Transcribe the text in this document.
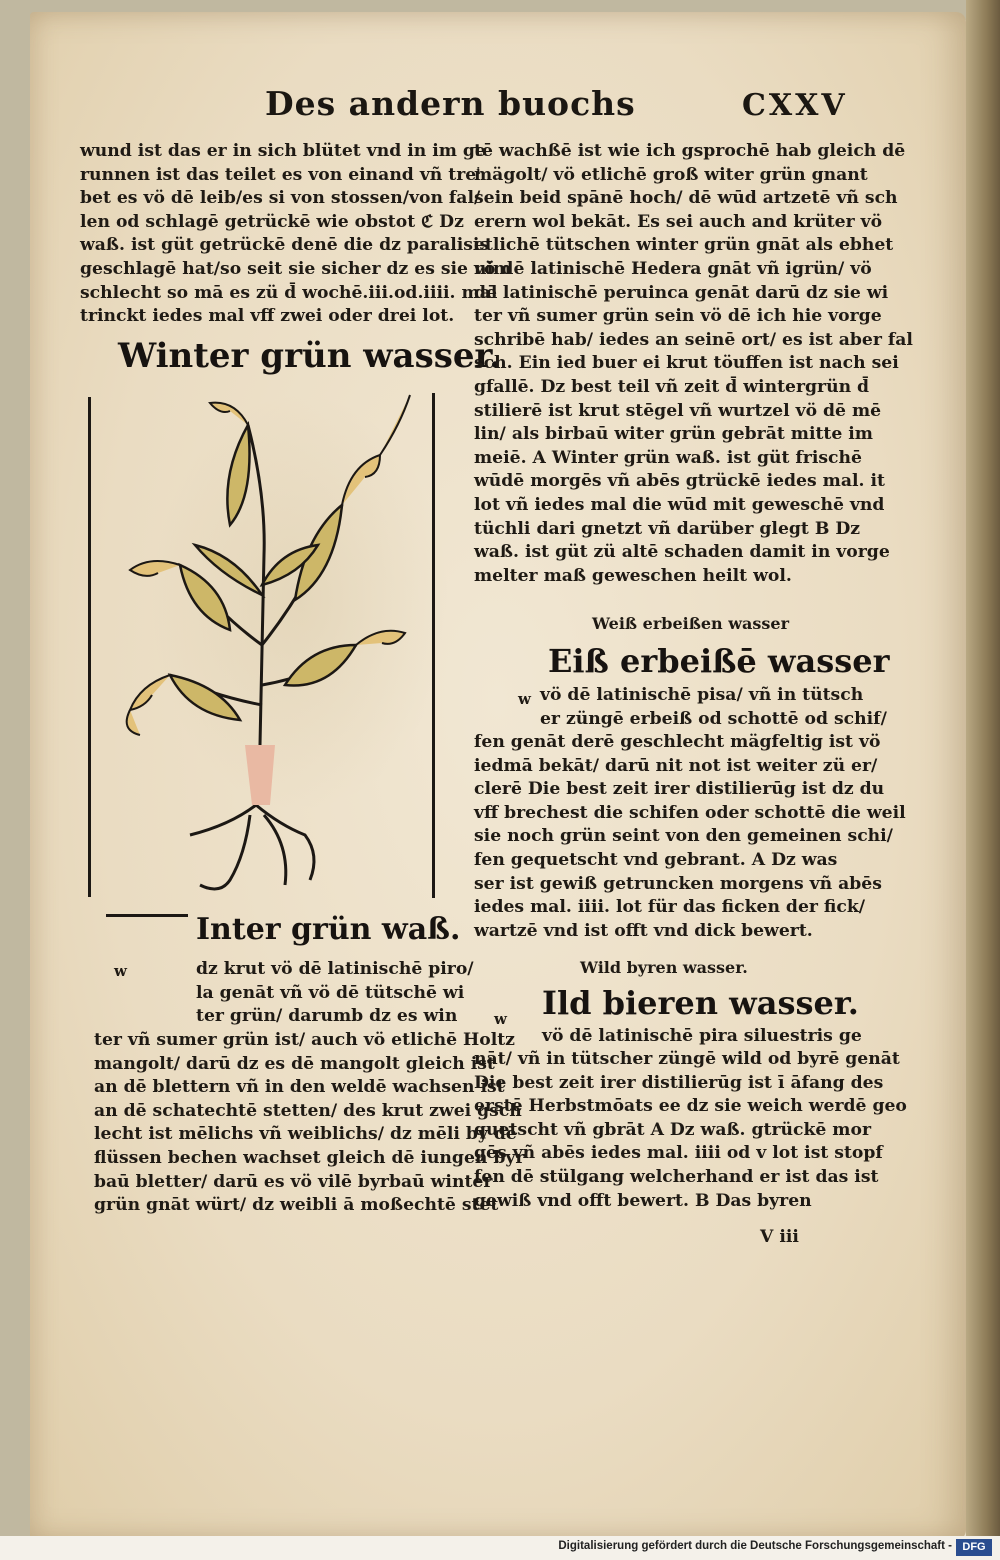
Des andern buochs	CXXV
wund ist das er in sich blütet vnd in im ge
runnen ist das teilet es von einand vñ treⁱ
bet es vö dē leib/es si von stossen/von fal/
len od schlagē getrückē wie obstot ℭ Dz
waß. ist güt getrückē denē die dz paralisis
geschlagē hat/so seit sie sicher dz es sie nim
schlecht so mā es zü d̄ wochē.iii.od.iiii. mal
trinckt iedes mal vff zwei oder drei lot.
Winter grün wasser.
Inter grün waß.
w	dz krut vö dē latinischē piro/
la genāt vñ vö dē tütschē wi
ter grün/ darumb dz es win
ter vñ sumer grün ist/ auch vö etlichē Holtz
mangolt/ darū dz es dē mangolt gleich ist
an dē blettern vñ in den weldē wachsen ist
an dē schatechtē stetten/ des krut zwei gsch
lecht ist mēlichs vñ weiblichs/ dz mēli by dē
flüssen bechen wachset gleich dē iungen byr
baū bletter/ darū es vö vilē byrbaū winter
grün gnāt würt/ dz weibli ā moßechtē stet
tē wachßē ist wie ich gsprochē hab gleich dē
mägolt/ vö etlichē groß witer grün gnant
sein beid spānē hoch/ dē wūd artzetē vñ sch
erern wol bekāt. Es sei auch and krüter vö
etlichē tütschen winter grün gnāt als ebhet
vö dē latinischē Hedera gnāt vñ igrün/ vö
dē latinischē peruinca genāt darū dz sie wi
ter vñ sumer grün sein vö dē ich hie vorge
schribē hab/ iedes an seinē ort/ es ist aber fal
sch. Ein ied buer ei krut töuffen ist nach sei
gfallē. Dz best teil vñ zeit d̄ wintergrün d̄
stilierē ist krut stēgel vñ wurtzel vö dē mē
lin/ als birbaū witer grün gebrāt mitte im
meiē. A Winter grün waß. ist güt frischē
wūdē morgēs vñ abēs gtrückē iedes mal. it
lot vñ iedes mal die wūd mit geweschē vnd
tüchli dari gnetzt vñ darüber glegt B Dz
waß. ist güt zü altē schaden damit in vorge
melter maß geweschen heilt wol.
Weiß erbeißen wasser
Eiß erbeißē wasser
w vö dē latinischē pisa/ vñ in tütsch
er züngē erbeiß od schottē od schif/
fen genāt derē geschlecht mägfeltig ist vö
iedmā bekāt/ darū nit not ist weiter zü er/
clerē Die best zeit irer distilierūg ist dz du
vff brechest die schifen oder schottē die weil
sie noch grün seint von den gemeinen schi/
fen gequetscht vnd gebrant. A Dz was
ser ist gewiß getruncken morgens vñ abēs
iedes mal. iiii. lot für das ficken der fick/
wartzē vnd ist offt vnd dick bewert.
Wild byren wasser.
Ild bieren wasser.
w
vö dē latinischē pira siluestris ge
nāt/ vñ in tütscher züngē wild od byrē genāt
Die best zeit irer distilierūg ist ī āfang des
erstē Herbstmōats ee dz sie weich werdē geo
quetscht vñ gbrāt A Dz waß. gtrückē mor
gēs vñ abēs iedes mal. iiii od v lot ist stopf
fen dē stülgang welcherhand er ist das ist
gewiß vnd offt bewert. B Das byren
V iii
Digitalisierung gefördert durch die Deutsche Forschungsgemeinschaft - DFG
